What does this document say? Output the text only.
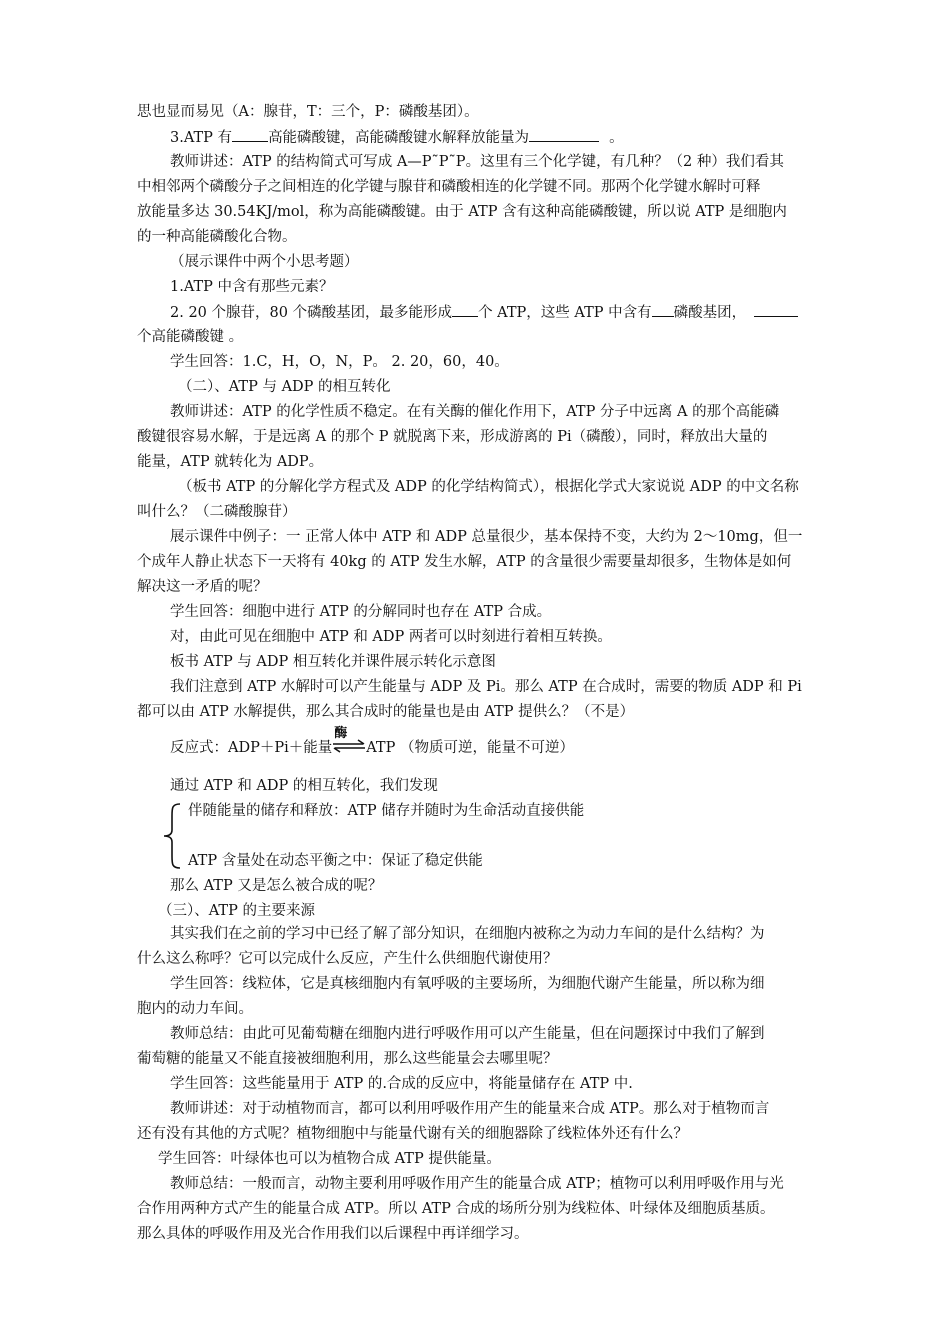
思也显而易见（A：腺苷，T：三个，P：磷酸基团）。
3.ATP 有 高能磷酸键，高能磷酸键水解释放能量为	。
教师讲述：ATP 的结构简式可写成 A—P˜P˜P。这里有三个化学键，有几种？（2 种）我们看其
中相邻两个磷酸分子之间相连的化学键与腺苷和磷酸相连的化学键不同。那两个化学键水解时可释
放能量多达 30.54KJ/mol，称为高能磷酸键。由于 ATP 含有这种高能磷酸键，所以说 ATP 是细胞内
的一种高能磷酸化合物。
（展示课件中两个小思考题）
1.ATP 中含有那些元素？
2. 20 个腺苷，80 个磷酸基团，最多能形成 个 ATP，这些 ATP 中含有 磷酸基团，
个高能磷酸键 。
学生回答：1.C，H，O，N，P。 2. 20，60，40。
（二）、ATP 与 ADP 的相互转化
教师讲述：ATP 的化学性质不稳定。在有关酶的催化作用下，ATP 分子中远离 A 的那个高能磷
酸键很容易水解，于是远离 A 的那个 P 就脱离下来，形成游离的 Pi（磷酸），同时，释放出大量的
能量，ATP 就转化为 ADP。
（板书 ATP 的分解化学方程式及 ADP 的化学结构简式），根据化学式大家说说 ADP 的中文名称
叫什么？（二磷酸腺苷）
展示课件中例子：一 正常人体中 ATP 和 ADP 总量很少，基本保持不变，大约为 2～10mg，但一
个成年人静止状态下一天将有 40kg 的 ATP 发生水解，ATP 的含量很少需要量却很多，生物体是如何
解决这一矛盾的呢？
学生回答：细胞中进行 ATP 的分解同时也存在 ATP 合成。
对，由此可见在细胞中 ATP 和 ADP 两者可以时刻进行着相互转换。
板书 ATP 与 ADP 相互转化并课件展示转化示意图
我们注意到 ATP 水解时可以产生能量与 ADP 及 Pi。那么 ATP 在合成时，需要的物质 ADP 和 Pi
都可以由 ATP 水解提供，那么其合成时的能量也是由 ATP 提供么？（不是）
反应式：ADP＋Pi＋能量
酶
ATP （物质可逆，能量不可逆）
通过 ATP 和 ADP 的相互转化，我们发现
伴随能量的储存和释放：ATP 储存并随时为生命活动直接供能
ATP 含量处在动态平衡之中：保证了稳定供能
那么 ATP 又是怎么被合成的呢？
（三）、ATP 的主要来源
其实我们在之前的学习中已经了解了部分知识，在细胞内被称之为动力车间的是什么结构？为
什么这么称呼？它可以完成什么反应，产生什么供细胞代谢使用？
学生回答：线粒体，它是真核细胞内有氧呼吸的主要场所，为细胞代谢产生能量，所以称为细
胞内的动力车间。
教师总结：由此可见葡萄糖在细胞内进行呼吸作用可以产生能量，但在问题探讨中我们了解到
葡萄糖的能量又不能直接被细胞利用，那么这些能量会去哪里呢？
学生回答：这些能量用于 ATP 的.合成的反应中，将能量储存在 ATP 中.
教师讲述：对于动植物而言，都可以利用呼吸作用产生的能量来合成 ATP。那么对于植物而言
还有没有其他的方式呢？植物细胞中与能量代谢有关的细胞器除了线粒体外还有什么？
学生回答：叶绿体也可以为植物合成 ATP 提供能量。
教师总结：一般而言，动物主要利用呼吸作用产生的能量合成 ATP；植物可以利用呼吸作用与光
合作用两种方式产生的能量合成 ATP。所以 ATP 合成的场所分别为线粒体、叶绿体及细胞质基质。
那么具体的呼吸作用及光合作用我们以后课程中再详细学习。
